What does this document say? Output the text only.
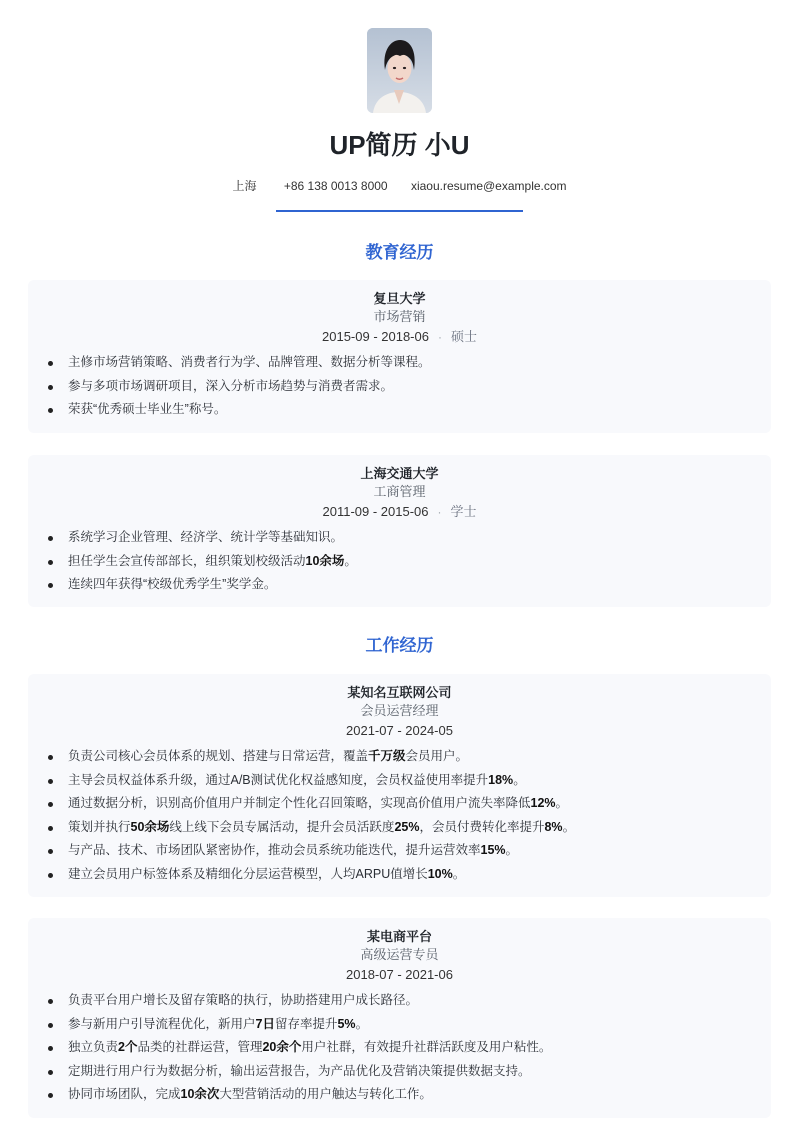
UP简历 小U
上海 +86 138 0013 8000 xiaou.resume@example.com
教育经历
复旦大学
市场营销
2015-09 - 2018-06 · 硕士
主修市场营销策略、消费者行为学、品牌管理、数据分析等课程。
参与多项市场调研项目，深入分析市场趋势与消费者需求。
荣获“优秀硕士毕业生”称号。
上海交通大学
工商管理
2011-09 - 2015-06 · 学士
系统学习企业管理、经济学、统计学等基础知识。
担任学生会宣传部部长，组织策划校级活动10余场。
连续四年获得“校级优秀学生”奖学金。
工作经历
某知名互联网公司
会员运营经理
2021-07 - 2024-05
负责公司核心会员体系的规划、搭建与日常运营，覆盖千万级会员用户。
主导会员权益体系升级，通过A/B测试优化权益感知度，会员权益使用率提升18%。
通过数据分析，识别高价值用户并制定个性化召回策略，实现高价值用户流失率降低12%。
策划并执行50余场线上线下会员专属活动，提升会员活跃度25%，会员付费转化率提升8%。
与产品、技术、市场团队紧密协作，推动会员系统功能迭代，提升运营效率15%。
建立会员用户标签体系及精细化分层运营模型，人均ARPU值增长10%。
某电商平台
高级运营专员
2018-07 - 2021-06
负责平台用户增长及留存策略的执行，协助搭建用户成长路径。
参与新用户引导流程优化，新用户7日留存率提升5%。
独立负责2个品类的社群运营，管理20余个用户社群，有效提升社群活跃度及用户粘性。
定期进行用户行为数据分析，输出运营报告，为产品优化及营销决策提供数据支持。
协同市场团队，完成10余次大型营销活动的用户触达与转化工作。
